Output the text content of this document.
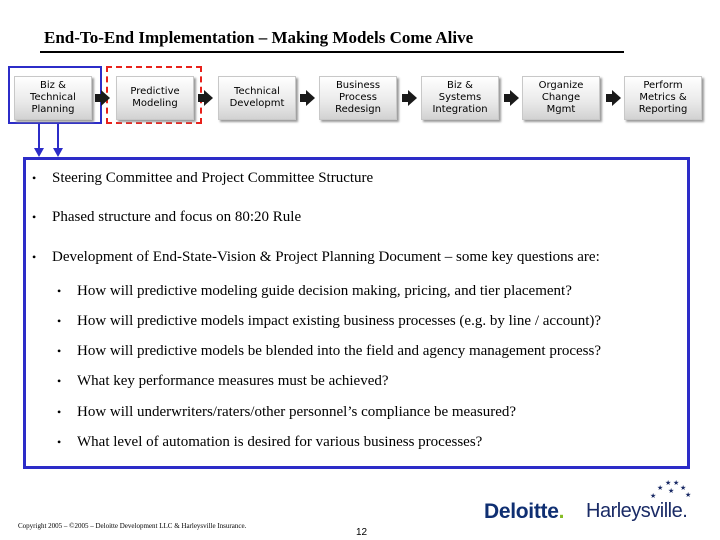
End-To-End Implementation – Making Models Come Alive
Biz &
Technical
Planning
Predictive
Modeling
Technical
Developmt
Business
Process
Redesign
Biz &
Systems
Integration
Organize
Change
Mgmt
Perform
Metrics &
Reporting
• Steering Committee and Project Committee Structure
• Phased structure and focus on 80:20 Rule
• Development of End-State-Vision & Project Planning Document – some key questions are:
• How will predictive modeling guide decision making, pricing, and tier placement?
• How will predictive models impact existing business processes (e.g. by line / account)?
• How will predictive models be blended into the field and agency management process?
• What key performance measures must be achieved?
• How will underwriters/raters/other personnel’s compliance be measured?
• What level of automation is desired for various business processes?
Copyright 2005 – ©2005 – Deloitte Development LLC & Harleysville Insurance.
12
Deloitte. Harleysville.
★
★
★ ★
★
★
★
